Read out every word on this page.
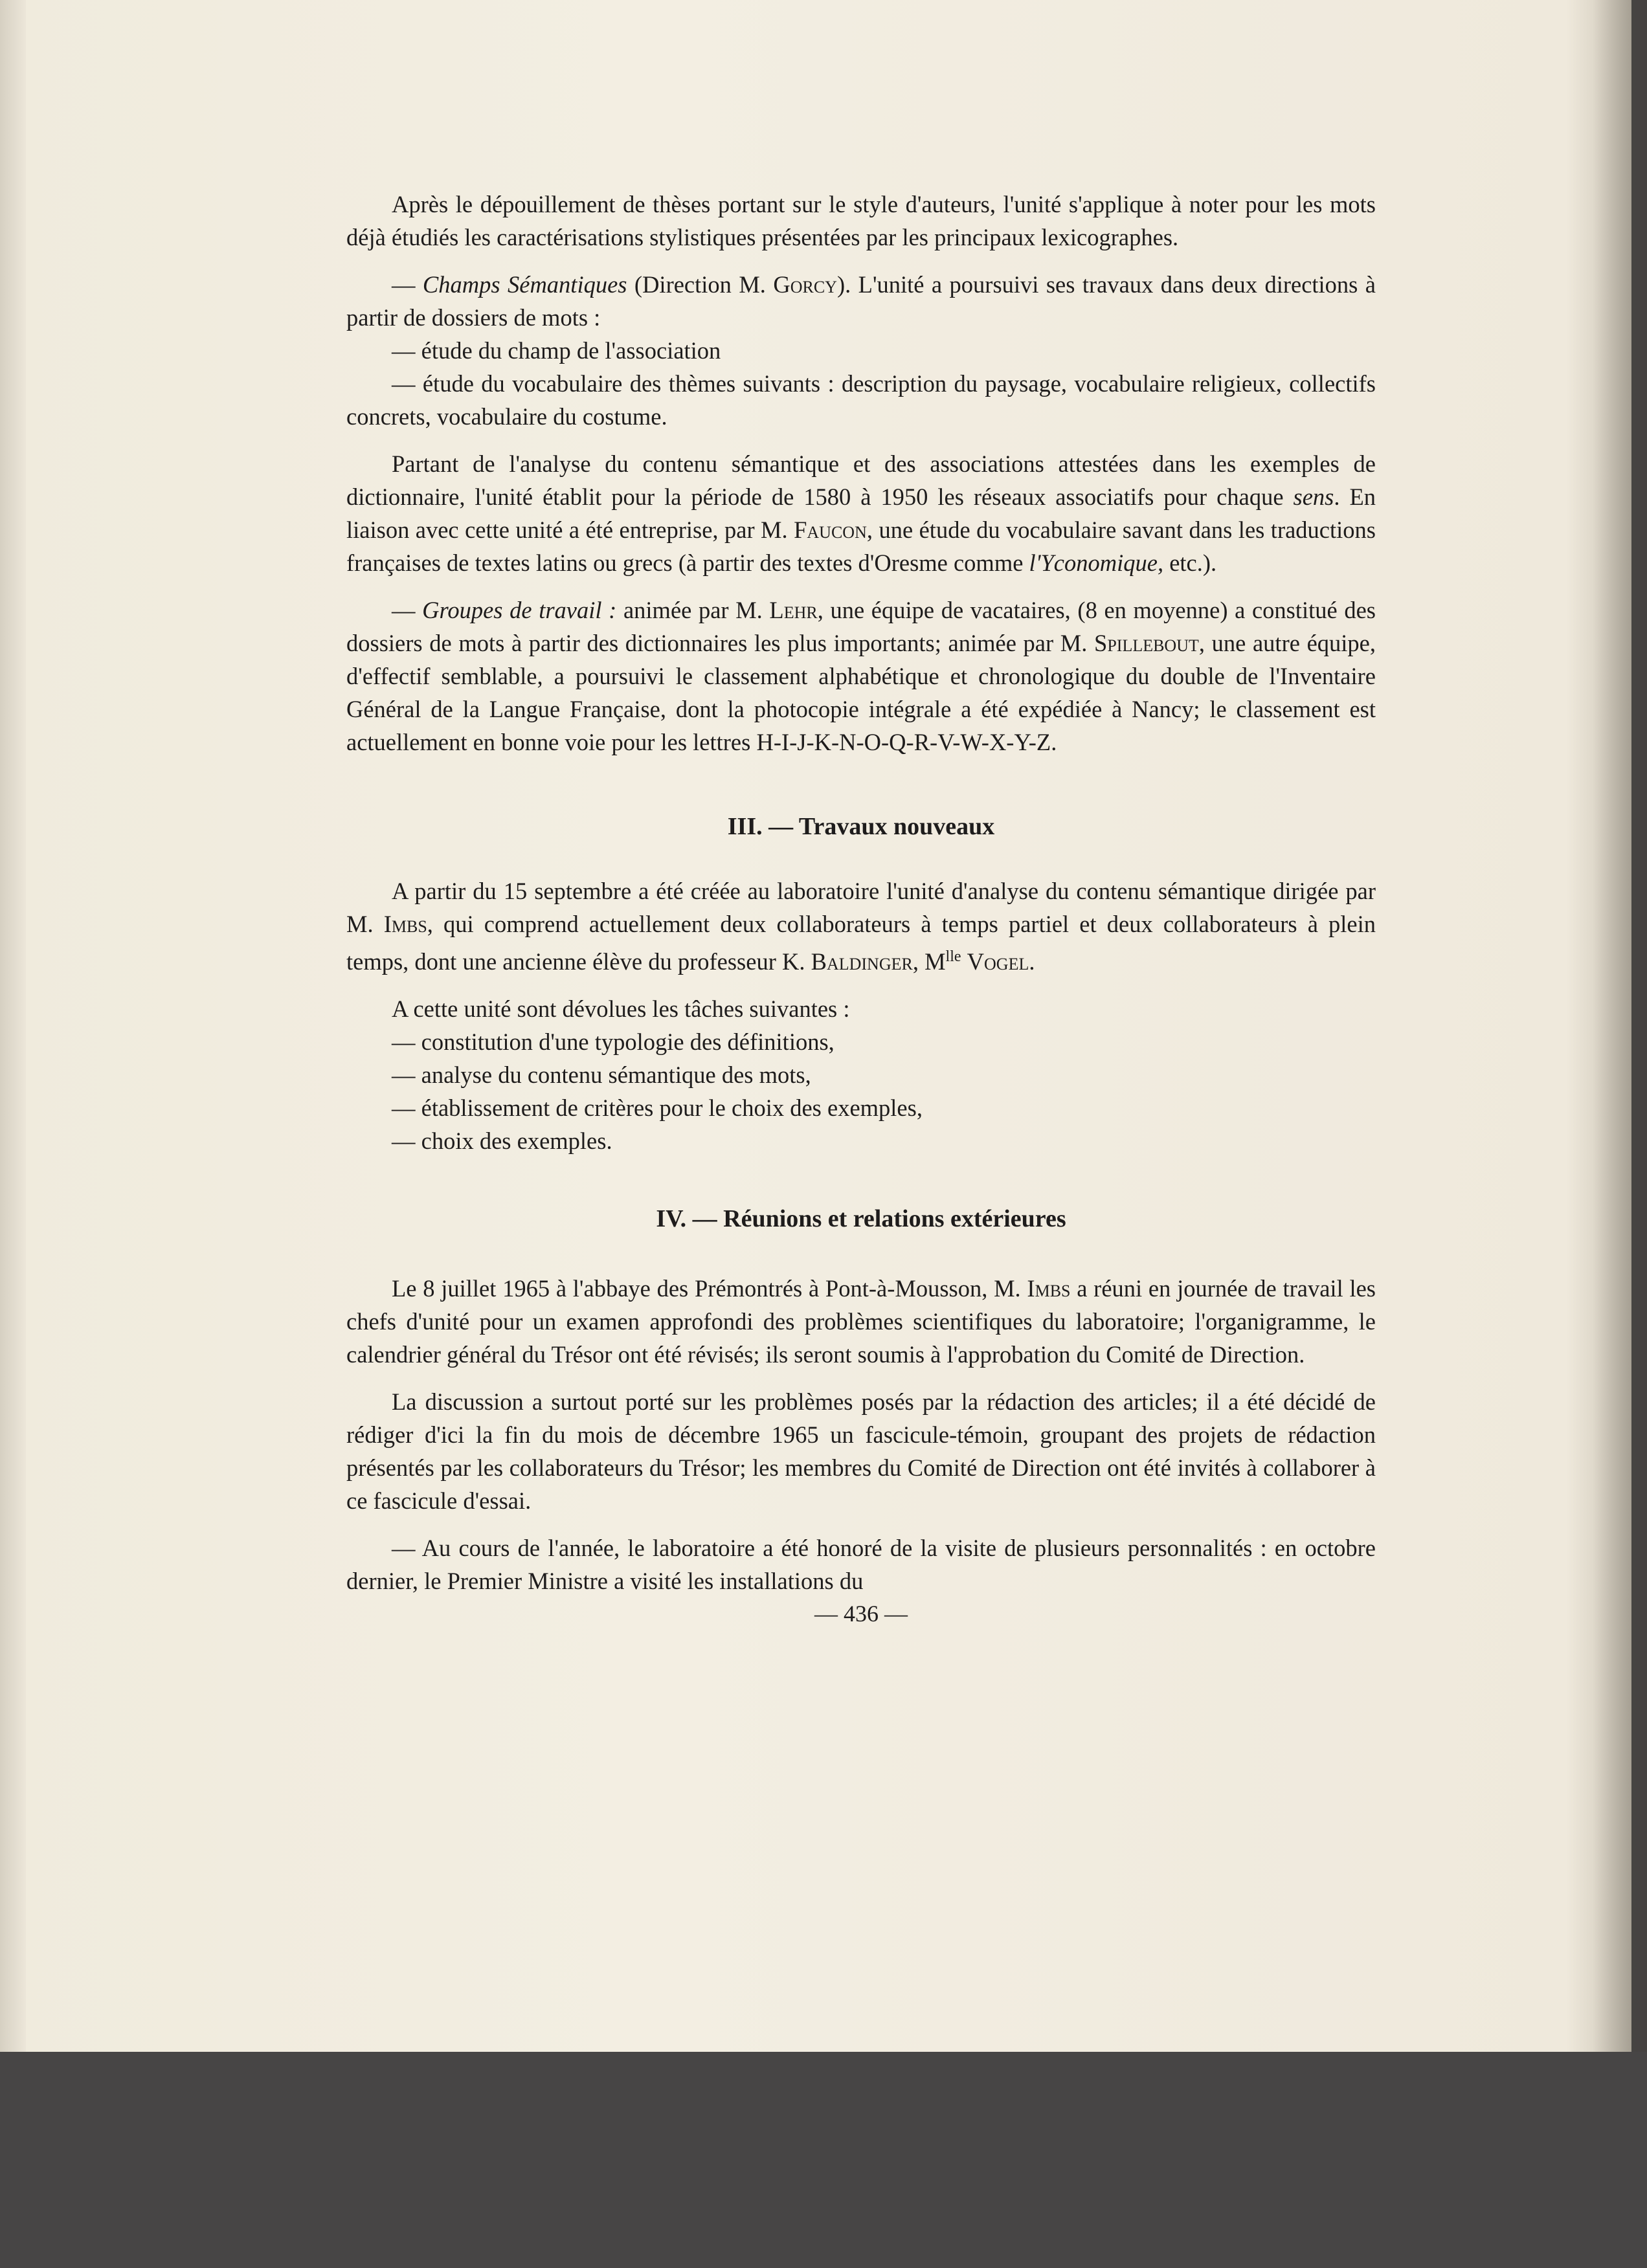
Après le dépouillement de thèses portant sur le style d'auteurs, l'unité s'applique à noter pour les mots déjà étudiés les caractérisations stylistiques présentées par les principaux lexicographes.

— Champs Sémantiques (Direction M. Gorcy). L'unité a poursuivi ses travaux dans deux directions à partir de dossiers de mots :

— étude du champ de l'association

— étude du vocabulaire des thèmes suivants : description du paysage, vocabulaire religieux, collectifs concrets, vocabulaire du costume.

Partant de l'analyse du contenu sémantique et des associations attestées dans les exemples de dictionnaire, l'unité établit pour la période de 1580 à 1950 les réseaux associatifs pour chaque sens. En liaison avec cette unité a été entreprise, par M. Faucon, une étude du vocabulaire savant dans les traductions françaises de textes latins ou grecs (à partir des textes d'Oresme comme l'Yconomique, etc.).

— Groupes de travail : animée par M. Lehr, une équipe de vacataires, (8 en moyenne) a constitué des dossiers de mots à partir des dictionnaires les plus importants; animée par M. Spillebout, une autre équipe, d'effectif semblable, a poursuivi le classement alphabétique et chronologique du double de l'Inventaire Général de la Langue Française, dont la photocopie intégrale a été expédiée à Nancy; le classement est actuellement en bonne voie pour les lettres H-I-J-K-N-O-Q-R-V-W-X-Y-Z.

III. — Travaux nouveaux

A partir du 15 septembre a été créée au laboratoire l'unité d'analyse du contenu sémantique dirigée par M. Imbs, qui comprend actuellement deux collaborateurs à temps partiel et deux collaborateurs à plein temps, dont une ancienne élève du professeur K. Baldinger, $M^{lle}$ Vogel.

A cette unité sont dévolues les tâches suivantes :

— constitution d'une typologie des définitions,

— analyse du contenu sémantique des mots,

— établissement de critères pour le choix des exemples,

— choix des exemples.

IV. — Réunions et relations extérieures

Le 8 juillet 1965 à l'abbaye des Prémontrés à Pont-à-Mousson, M. Imbs a réuni en journée de travail les chefs d'unité pour un examen approfondi des problèmes scientifiques du laboratoire; l'organigramme, le calendrier général du Trésor ont été révisés; ils seront soumis à l'approbation du Comité de Direction.

La discussion a surtout porté sur les problèmes posés par la rédaction des articles; il a été décidé de rédiger d'ici la fin du mois de décembre 1965 un fascicule-témoin, groupant des projets de rédaction présentés par les collaborateurs du Trésor; les membres du Comité de Direction ont été invités à collaborer à ce fascicule d'essai.

— Au cours de l'année, le laboratoire a été honoré de la visite de plusieurs personnalités : en octobre dernier, le Premier Ministre a visité les installations du

— 436 —
